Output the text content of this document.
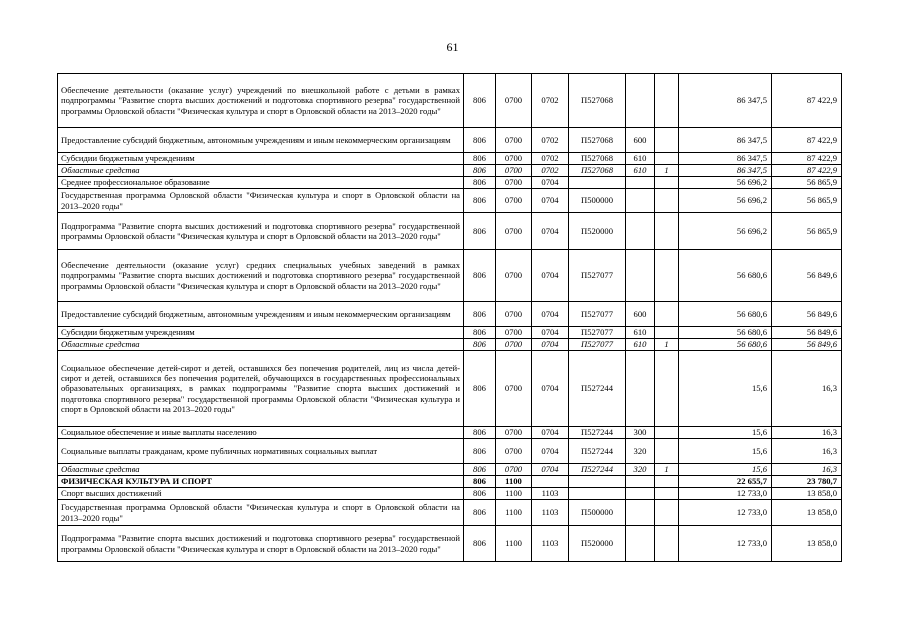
61
Обеспечение деятельности (оказание услуг) учреждений по внешкольной работе с детьми в рамках подпрограммы "Развитие спорта высших достижений и подготовка спортивного резерва" государственной программы Орловской области "Физическая культура и спорт в Орловской области на 2013–2020 годы"	806	0700	0702	П527068			86 347,5	87 422,9
Предоставление субсидий бюджетным, автономным учреждениям и иным некоммерческим организациям	806	0700	0702	П527068	600		86 347,5	87 422,9
Субсидии бюджетным учреждениям	806	0700	0702	П527068	610		86 347,5	87 422,9
Областные средства	806	0700	0702	П527068	610	1	86 347,5	87 422,9
Среднее профессиональное образование	806	0700	0704				56 696,2	56 865,9
Государственная программа Орловской области "Физическая культура и спорт в Орловской области на 2013–2020 годы"	806	0700	0704	П500000			56 696,2	56 865,9
Подпрограмма "Развитие спорта высших достижений и подготовка спортивного резерва" государственной программы Орловской области "Физическая культура и спорт в Орловской области на 2013–2020 годы"	806	0700	0704	П520000			56 696,2	56 865,9
Обеспечение деятельности (оказание услуг) средних специальных учебных заведений в рамках подпрограммы "Развитие спорта высших достижений и подготовка спортивного резерва" государственной программы Орловской области "Физическая культура и спорт в Орловской области на 2013–2020 годы"	806	0700	0704	П527077			56 680,6	56 849,6
Предоставление субсидий бюджетным, автономным учреждениям и иным некоммерческим организациям	806	0700	0704	П527077	600		56 680,6	56 849,6
Субсидии бюджетным учреждениям	806	0700	0704	П527077	610		56 680,6	56 849,6
Областные средства	806	0700	0704	П527077	610	1	56 680,6	56 849,6
Социальное обеспечение детей-сирот и детей, оставшихся без попечения родителей, лиц из числа детей-сирот и детей, оставшихся без попечения родителей, обучающихся в государственных профессиональных образовательных организациях, в рамках подпрограммы "Развитие спорта высших достижений и подготовка спортивного резерва" государственной программы Орловской области "Физическая культура и спорт в Орловской области на 2013–2020 годы"	806	0700	0704	П527244			15,6	16,3
Социальное обеспечение и иные выплаты населению	806	0700	0704	П527244	300		15,6	16,3
Социальные выплаты гражданам, кроме публичных нормативных социальных выплат	806	0700	0704	П527244	320		15,6	16,3
Областные средства	806	0700	0704	П527244	320	1	15,6	16,3
ФИЗИЧЕСКАЯ КУЛЬТУРА И СПОРТ	806	1100					22 655,7	23 780,7
Спорт высших достижений	806	1100	1103				12 733,0	13 858,0
Государственная программа Орловской области "Физическая культура и спорт в Орловской области на 2013–2020 годы"	806	1100	1103	П500000			12 733,0	13 858,0
Подпрограмма "Развитие спорта высших достижений и подготовка спортивного резерва" государственной программы Орловской области "Физическая культура и спорт в Орловской области на 2013–2020 годы"	806	1100	1103	П520000			12 733,0	13 858,0
